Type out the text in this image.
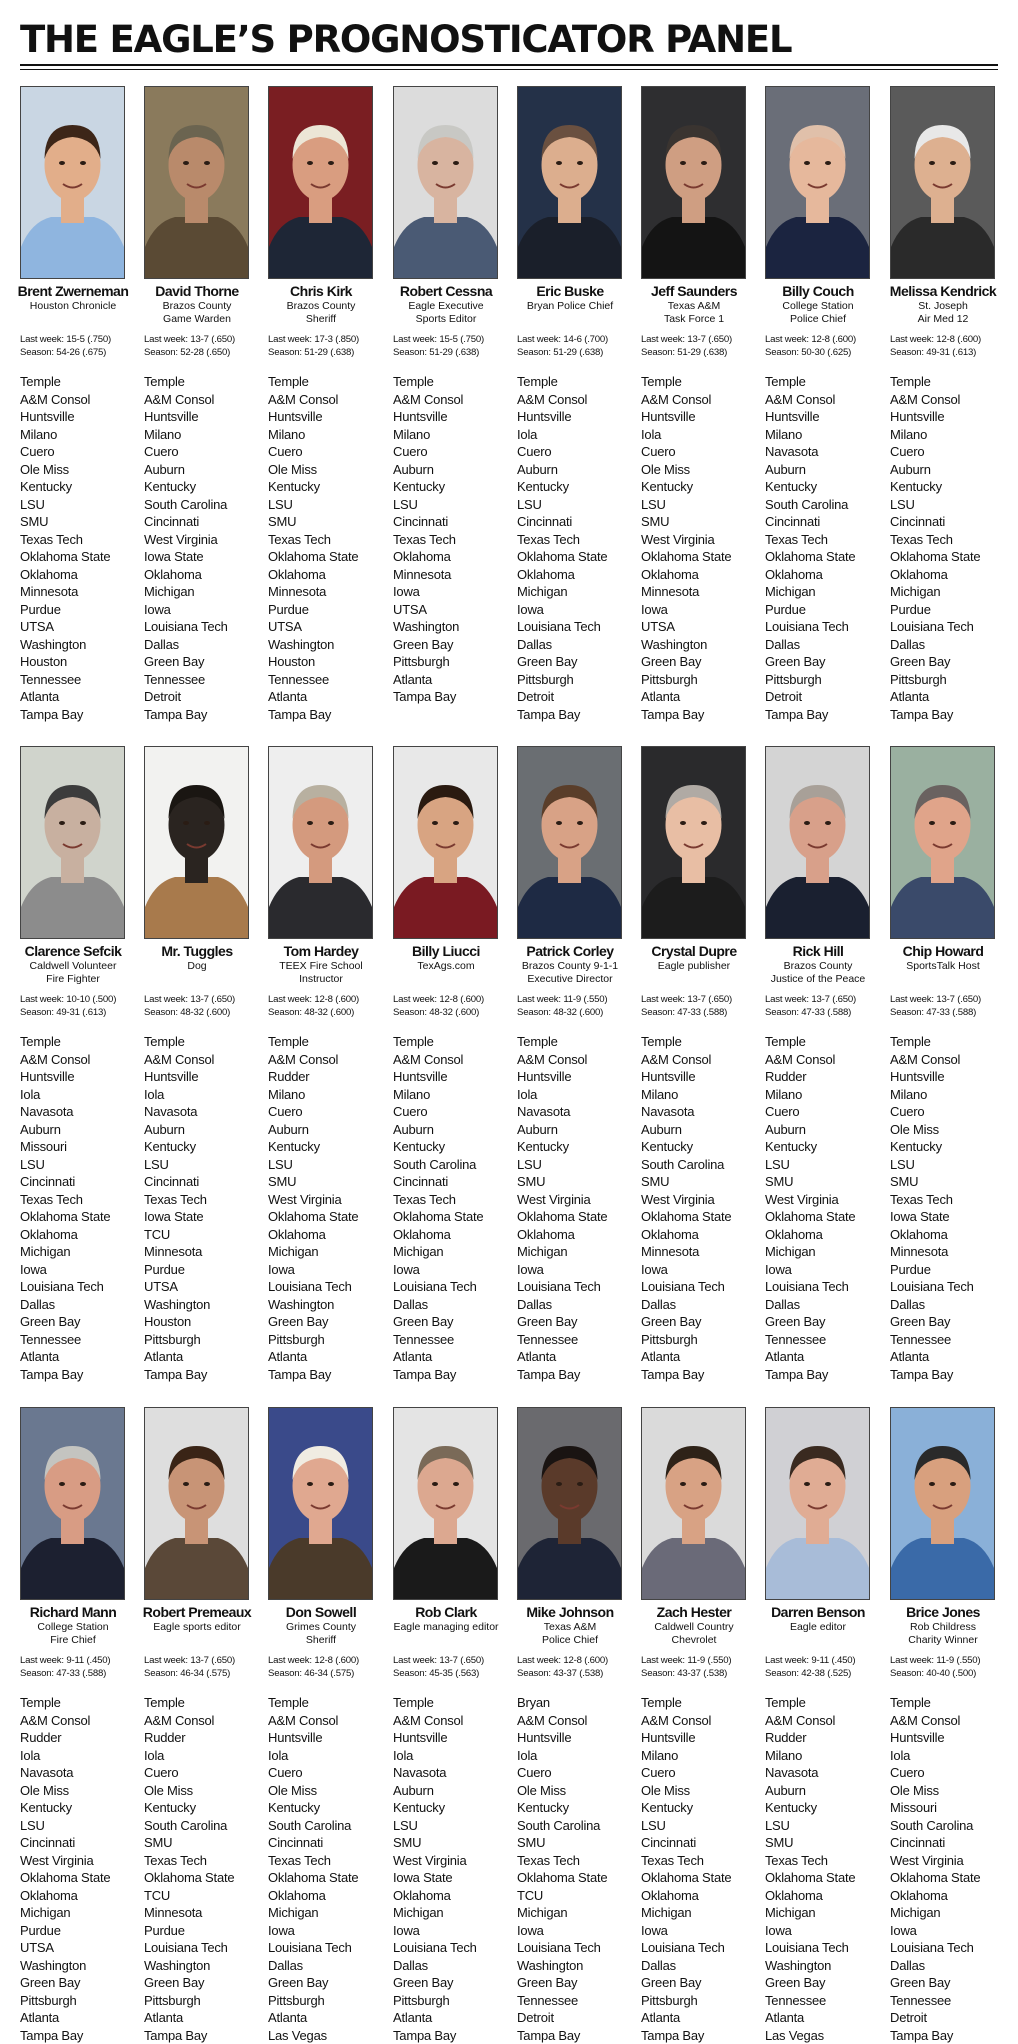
THE EAGLE’S PROGNOSTICATOR PANEL
Brent Zwerneman
Houston Chronicle
Last week: 15-5 (.750)
Season: 54-26 (.675)
Temple
A&M Consol
Huntsville
Milano
Cuero
Ole Miss
Kentucky
LSU
SMU
Texas Tech
Oklahoma State
Oklahoma
Minnesota
Purdue
UTSA
Washington
Houston
Tennessee
Atlanta
Tampa Bay
David Thorne
Brazos County
Game Warden
Last week: 13-7 (.650)
Season: 52-28 (.650)
Temple
A&M Consol
Huntsville
Milano
Cuero
Auburn
Kentucky
South Carolina
Cincinnati
West Virginia
Iowa State
Oklahoma
Michigan
Iowa
Louisiana Tech
Dallas
Green Bay
Tennessee
Detroit
Tampa Bay
Chris Kirk
Brazos County
Sheriff
Last week: 17-3 (.850)
Season: 51-29 (.638)
Temple
A&M Consol
Huntsville
Milano
Cuero
Ole Miss
Kentucky
LSU
SMU
Texas Tech
Oklahoma State
Oklahoma
Minnesota
Purdue
UTSA
Washington
Houston
Tennessee
Atlanta
Tampa Bay
Robert Cessna
Eagle Executive
Sports Editor
Last week: 15-5 (.750)
Season: 51-29 (.638)
Temple
A&M Consol
Huntsville
Milano
Cuero
Auburn
Kentucky
LSU
Cincinnati
Texas Tech
Oklahoma
Minnesota
Iowa
UTSA
Washington
Green Bay
Pittsburgh
Atlanta
Tampa Bay
Eric Buske
Bryan Police Chief
Last week: 14-6 (.700)
Season: 51-29 (.638)
Temple
A&M Consol
Huntsville
Iola
Cuero
Auburn
Kentucky
LSU
Cincinnati
Texas Tech
Oklahoma State
Oklahoma
Michigan
Iowa
Louisiana Tech
Dallas
Green Bay
Pittsburgh
Detroit
Tampa Bay
Jeff Saunders
Texas A&M
Task Force 1
Last week: 13-7 (.650)
Season: 51-29 (.638)
Temple
A&M Consol
Huntsville
Iola
Cuero
Ole Miss
Kentucky
LSU
SMU
West Virginia
Oklahoma State
Oklahoma
Minnesota
Iowa
UTSA
Washington
Green Bay
Pittsburgh
Atlanta
Tampa Bay
Billy Couch
College Station
Police Chief
Last week: 12-8 (.600)
Season: 50-30 (.625)
Temple
A&M Consol
Huntsville
Milano
Navasota
Auburn
Kentucky
South Carolina
Cincinnati
Texas Tech
Oklahoma State
Oklahoma
Michigan
Purdue
Louisiana Tech
Dallas
Green Bay
Pittsburgh
Detroit
Tampa Bay
Melissa Kendrick
St. Joseph
Air Med 12
Last week: 12-8 (.600)
Season: 49-31 (.613)
Temple
A&M Consol
Huntsville
Milano
Cuero
Auburn
Kentucky
LSU
Cincinnati
Texas Tech
Oklahoma State
Oklahoma
Michigan
Purdue
Louisiana Tech
Dallas
Green Bay
Pittsburgh
Atlanta
Tampa Bay
Clarence Sefcik
Caldwell Volunteer
Fire Fighter
Last week: 10-10 (.500)
Season: 49-31 (.613)
Temple
A&M Consol
Huntsville
Iola
Navasota
Auburn
Missouri
LSU
Cincinnati
Texas Tech
Oklahoma State
Oklahoma
Michigan
Iowa
Louisiana Tech
Dallas
Green Bay
Tennessee
Atlanta
Tampa Bay
Mr. Tuggles
Dog
Last week: 13-7 (.650)
Season: 48-32 (.600)
Temple
A&M Consol
Huntsville
Iola
Navasota
Auburn
Kentucky
LSU
Cincinnati
Texas Tech
Iowa State
TCU
Minnesota
Purdue
UTSA
Washington
Houston
Pittsburgh
Atlanta
Tampa Bay
Tom Hardey
TEEX Fire School
Instructor
Last week: 12-8 (.600)
Season: 48-32 (.600)
Temple
A&M Consol
Rudder
Milano
Cuero
Auburn
Kentucky
LSU
SMU
West Virginia
Oklahoma State
Oklahoma
Michigan
Iowa
Louisiana Tech
Washington
Green Bay
Pittsburgh
Atlanta
Tampa Bay
Billy Liucci
TexAgs.com
Last week: 12-8 (.600)
Season: 48-32 (.600)
Temple
A&M Consol
Huntsville
Milano
Cuero
Auburn
Kentucky
South Carolina
Cincinnati
Texas Tech
Oklahoma State
Oklahoma
Michigan
Iowa
Louisiana Tech
Dallas
Green Bay
Tennessee
Atlanta
Tampa Bay
Patrick Corley
Brazos County 9-1-1
Executive Director
Last week: 11-9 (.550)
Season: 48-32 (.600)
Temple
A&M Consol
Huntsville
Iola
Navasota
Auburn
Kentucky
LSU
SMU
West Virginia
Oklahoma State
Oklahoma
Michigan
Iowa
Louisiana Tech
Dallas
Green Bay
Tennessee
Atlanta
Tampa Bay
Crystal Dupre
Eagle publisher
Last week: 13-7 (.650)
Season: 47-33 (.588)
Temple
A&M Consol
Huntsville
Milano
Navasota
Auburn
Kentucky
South Carolina
SMU
West Virginia
Oklahoma State
Oklahoma
Minnesota
Iowa
Louisiana Tech
Dallas
Green Bay
Pittsburgh
Atlanta
Tampa Bay
Rick Hill
Brazos County
Justice of the Peace
Last week: 13-7 (.650)
Season: 47-33 (.588)
Temple
A&M Consol
Rudder
Milano
Cuero
Auburn
Kentucky
LSU
SMU
West Virginia
Oklahoma State
Oklahoma
Michigan
Iowa
Louisiana Tech
Dallas
Green Bay
Tennessee
Atlanta
Tampa Bay
Chip Howard
SportsTalk Host
Last week: 13-7 (.650)
Season: 47-33 (.588)
Temple
A&M Consol
Huntsville
Milano
Cuero
Ole Miss
Kentucky
LSU
SMU
Texas Tech
Iowa State
Oklahoma
Minnesota
Purdue
Louisiana Tech
Dallas
Green Bay
Tennessee
Atlanta
Tampa Bay
Richard Mann
College Station
Fire Chief
Last week: 9-11 (.450)
Season: 47-33 (.588)
Temple
A&M Consol
Rudder
Iola
Navasota
Ole Miss
Kentucky
LSU
Cincinnati
West Virginia
Oklahoma State
Oklahoma
Michigan
Purdue
UTSA
Washington
Green Bay
Pittsburgh
Atlanta
Tampa Bay
Robert Premeaux
Eagle sports editor
Last week: 13-7 (.650)
Season: 46-34 (.575)
Temple
A&M Consol
Rudder
Iola
Cuero
Ole Miss
Kentucky
South Carolina
SMU
Texas Tech
Oklahoma State
TCU
Minnesota
Purdue
Louisiana Tech
Washington
Green Bay
Pittsburgh
Atlanta
Tampa Bay
Don Sowell
Grimes County
Sheriff
Last week: 12-8 (.600)
Season: 46-34 (.575)
Temple
A&M Consol
Huntsville
Iola
Cuero
Ole Miss
Kentucky
South Carolina
Cincinnati
Texas Tech
Oklahoma State
Oklahoma
Michigan
Iowa
Louisiana Tech
Dallas
Green Bay
Pittsburgh
Atlanta
Las Vegas
Rob Clark
Eagle managing editor
Last week: 13-7 (.650)
Season: 45-35 (.563)
Temple
A&M Consol
Huntsville
Iola
Navasota
Auburn
Kentucky
LSU
SMU
West Virginia
Iowa State
Oklahoma
Michigan
Iowa
Louisiana Tech
Dallas
Green Bay
Pittsburgh
Atlanta
Tampa Bay
Mike Johnson
Texas A&M
Police Chief
Last week: 12-8 (.600)
Season: 43-37 (.538)
Bryan
A&M Consol
Huntsville
Iola
Cuero
Ole Miss
Kentucky
South Carolina
SMU
Texas Tech
Oklahoma State
TCU
Michigan
Iowa
Louisiana Tech
Washington
Green Bay
Tennessee
Detroit
Tampa Bay
Zach Hester
Caldwell Country
Chevrolet
Last week: 11-9 (.550)
Season: 43-37 (.538)
Temple
A&M Consol
Huntsville
Milano
Cuero
Ole Miss
Kentucky
LSU
Cincinnati
Texas Tech
Oklahoma State
Oklahoma
Michigan
Iowa
Louisiana Tech
Dallas
Green Bay
Pittsburgh
Atlanta
Tampa Bay
Darren Benson
Eagle editor
Last week: 9-11 (.450)
Season: 42-38 (.525)
Temple
A&M Consol
Rudder
Milano
Navasota
Auburn
Kentucky
LSU
SMU
Texas Tech
Oklahoma State
Oklahoma
Michigan
Iowa
Louisiana Tech
Washington
Green Bay
Tennessee
Atlanta
Las Vegas
Brice Jones
Rob Childress
Charity Winner
Last week: 11-9 (.550)
Season: 40-40 (.500)
Temple
A&M Consol
Huntsville
Iola
Cuero
Ole Miss
Missouri
South Carolina
Cincinnati
West Virginia
Oklahoma State
Oklahoma
Michigan
Iowa
Louisiana Tech
Dallas
Green Bay
Tennessee
Detroit
Tampa Bay
